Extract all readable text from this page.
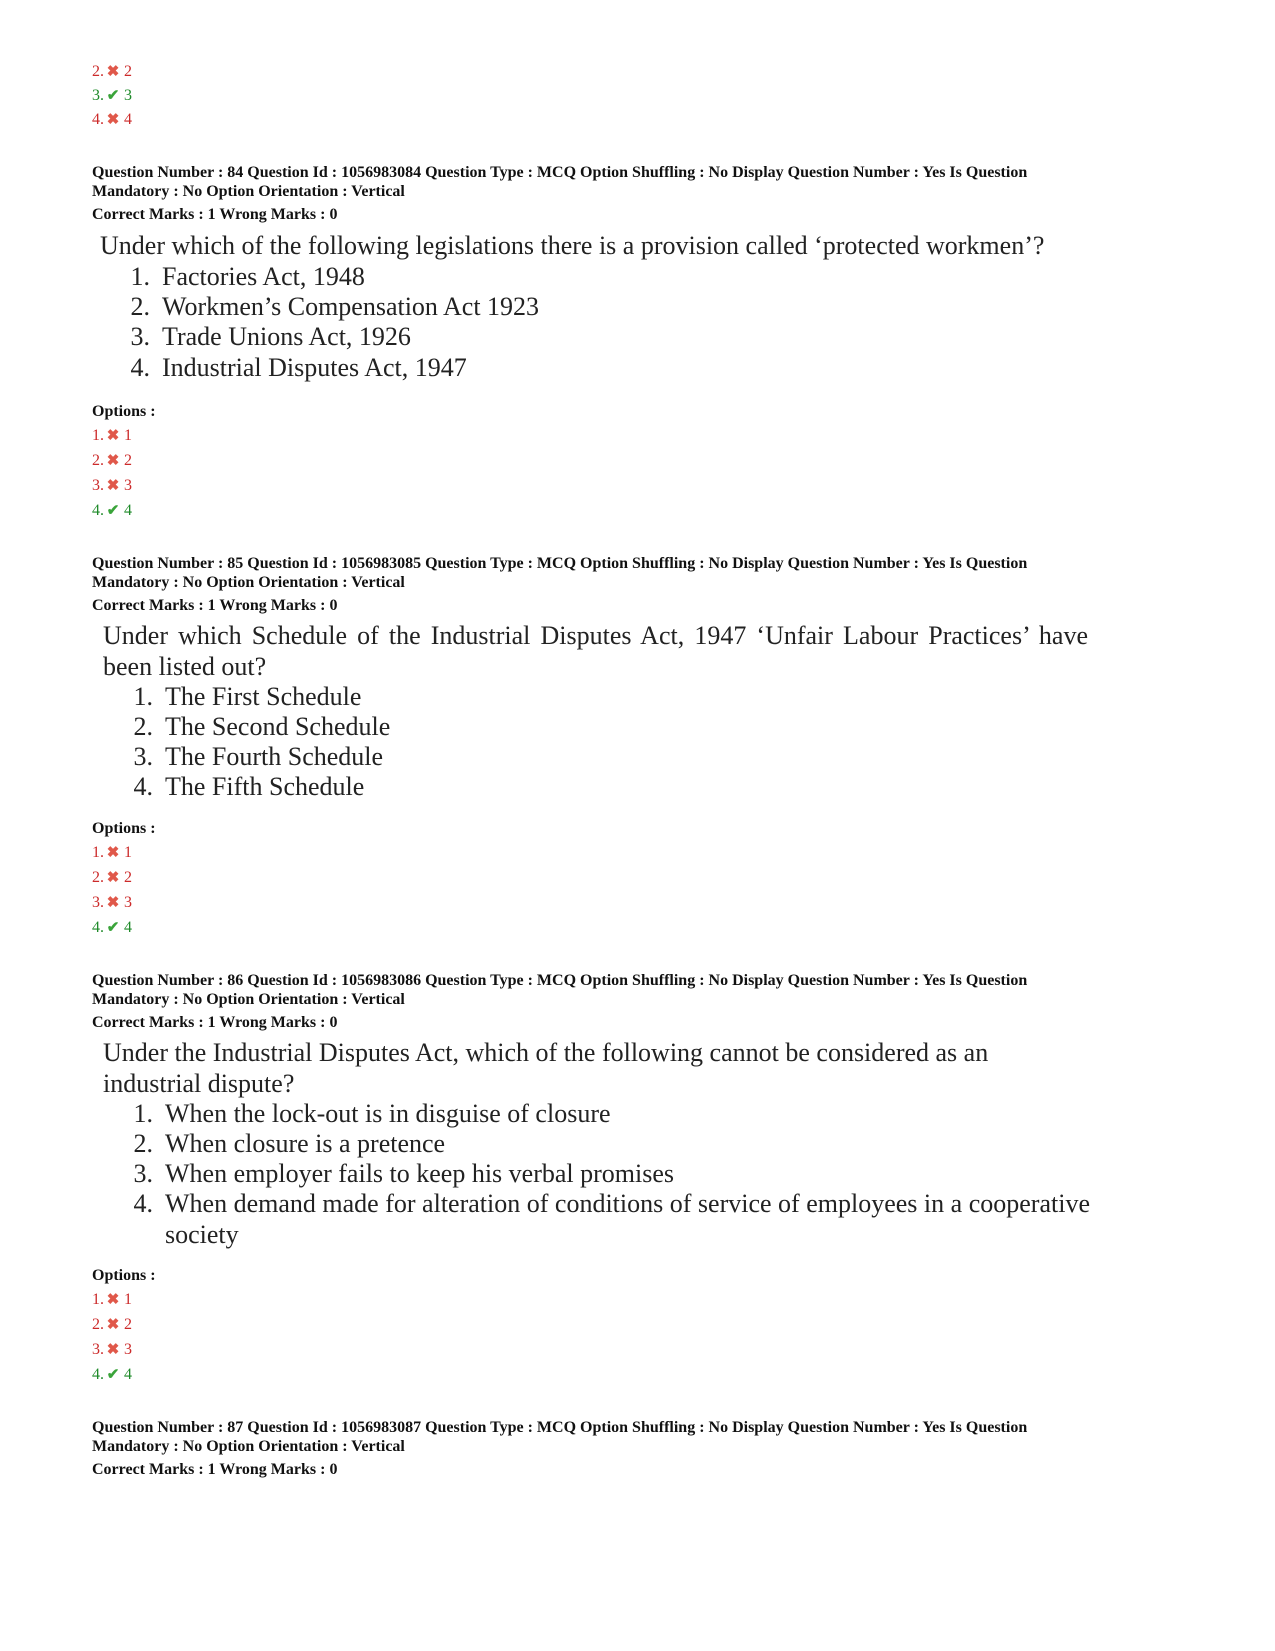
2. ✖ 2
3. ✔ 3
4. ✖ 4
Question Number : 84 Question Id : 1056983084 Question Type : MCQ Option Shuffling : No Display Question Number : Yes Is Question
Mandatory : No Option Orientation : Vertical
Correct Marks : 1 Wrong Marks : 0
Under which of the following legislations there is a provision called ‘protected workmen’?
1. Factories Act, 1948
2. Workmen’s Compensation Act 1923
3. Trade Unions Act, 1926
4. Industrial Disputes Act, 1947
Options :
1. ✖ 1
2. ✖ 2
3. ✖ 3
4. ✔ 4
Question Number : 85 Question Id : 1056983085 Question Type : MCQ Option Shuffling : No Display Question Number : Yes Is Question
Mandatory : No Option Orientation : Vertical
Correct Marks : 1 Wrong Marks : 0
Under which Schedule of the Industrial Disputes Act, 1947 ‘Unfair Labour Practices’ have been listed out?
1. The First Schedule
2. The Second Schedule
3. The Fourth Schedule
4. The Fifth Schedule
Options :
1. ✖ 1
2. ✖ 2
3. ✖ 3
4. ✔ 4
Question Number : 86 Question Id : 1056983086 Question Type : MCQ Option Shuffling : No Display Question Number : Yes Is Question
Mandatory : No Option Orientation : Vertical
Correct Marks : 1 Wrong Marks : 0
Under the Industrial Disputes Act, which of the following cannot be considered as an industrial dispute?
1. When the lock-out is in disguise of closure
2. When closure is a pretence
3. When employer fails to keep his verbal promises
4. When demand made for alteration of conditions of service of employees in a cooperative society
Options :
1. ✖ 1
2. ✖ 2
3. ✖ 3
4. ✔ 4
Question Number : 87 Question Id : 1056983087 Question Type : MCQ Option Shuffling : No Display Question Number : Yes Is Question
Mandatory : No Option Orientation : Vertical
Correct Marks : 1 Wrong Marks : 0
